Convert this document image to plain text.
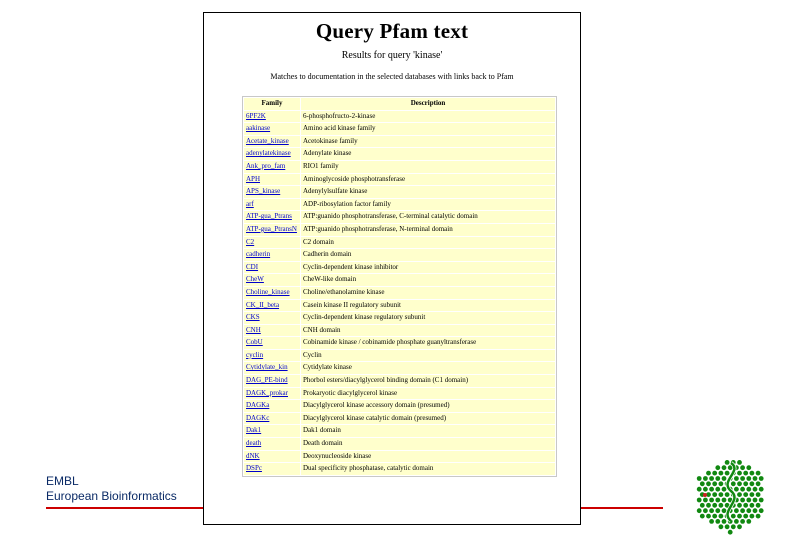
Query Pfam text
Results for query 'kinase'
Matches to documentation in the selected databases with links back to Pfam
Family	Description
6PF2K	6-phosphofructo-2-kinase
aakinase	Amino acid kinase family
Acetate_kinase	Acetokinase family
adenylatekinase	Adenylate kinase
Ank_pro_fam	RIO1 family
APH	Aminoglycoside phosphotransferase
APS_kinase	Adenylylsulfate kinase
arf	ADP-ribosylation factor family
ATP-gua_Ptrans	ATP:guanido phosphotransferase, C-terminal catalytic domain
ATP-gua_PtransN	ATP:guanido phosphotransferase, N-terminal domain
C2	C2 domain
cadherin	Cadherin domain
CDI	Cyclin-dependent kinase inhibitor
CheW	CheW-like domain
Choline_kinase	Choline/ethanolamine kinase
CK_II_beta	Casein kinase II regulatory subunit
CKS	Cyclin-dependent kinase regulatory subunit
CNH	CNH domain
CobU	Cobinamide kinase / cobinamide phosphate guanyltransferase
cyclin	Cyclin
Cytidylate_kin	Cytidylate kinase
DAG_PE-bind	Phorbol esters/diacylglycerol binding domain (C1 domain)
DAGK_prokar	Prokaryotic diacylglycerol kinase
DAGKa	Diacylglycerol kinase accessory domain (presumed)
DAGKc	Diacylglycerol kinase catalytic domain (presumed)
Dak1	Dak1 domain
death	Death domain
dNK	Deoxynucleoside kinase
DSPc	Dual specificity phosphatase, catalytic domain
EMBL
European Bioinformatics
